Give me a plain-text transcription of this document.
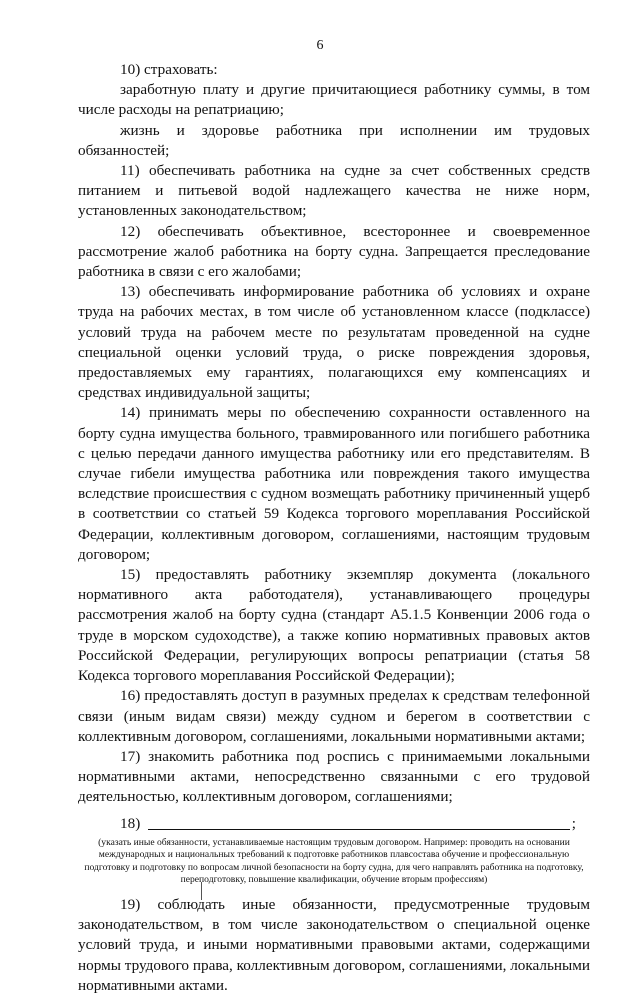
6

10) страховать:

заработную плату и другие причитающиеся работнику суммы, в том числе расходы на репатриацию;

жизнь и здоровье работника при исполнении им трудовых обязанностей;

11) обеспечивать работника на судне за счет собственных средств питанием и питьевой водой надлежащего качества не ниже норм, установленных законодательством;

12) обеспечивать объективное, всестороннее и своевременное рассмотрение жалоб работника на борту судна. Запрещается преследование работника в связи с его жалобами;

13) обеспечивать информирование работника об условиях и охране труда на рабочих местах, в том числе об установленном классе (подклассе) условий труда на рабочем месте по результатам проведенной на судне специальной оценки условий труда, о риске повреждения здоровья, предоставляемых ему гарантиях, полагающихся ему компенсациях и средствах индивидуальной защиты;

14) принимать меры по обеспечению сохранности оставленного на борту судна имущества больного, травмированного или погибшего работника с целью передачи данного имущества работнику или его представителям. В случае гибели имущества работника или повреждения такого имущества вследствие происшествия с судном возмещать работнику причиненный ущерб в соответствии со статьей 59 Кодекса торгового мореплавания Российской Федерации, коллективным договором, соглашениями, настоящим трудовым договором;

15) предоставлять работнику экземпляр документа (локального нормативного акта работодателя), устанавливающего процедуры рассмотрения жалоб на борту судна (стандарт А5.1.5 Конвенции 2006 года о труде в морском судоходстве), а также копию нормативных правовых актов Российской Федерации, регулирующих вопросы репатриации (статья 58 Кодекса торгового мореплавания Российской Федерации);

16) предоставлять доступ в разумных пределах к средствам телефонной связи (иным видам связи) между судном и берегом в соответствии с коллективным договором, соглашениями, локальными нормативными актами;

17) знакомить работника под роспись с принимаемыми локальными нормативными актами, непосредственно связанными с его трудовой деятельностью, коллективным договором, соглашениями;

18)	;
(указать иные обязанности, устанавливаемые настоящим трудовым договором. Например: проводить на основании международных и национальных требований к подготовке работников плавсостава обучение и профессиональную подготовку и подготовку по вопросам личной безопасности на борту судна, для чего направлять работника на подготовку, переподготовку, повышение квалификации, обучение вторым профессиям)

19) соблюдать иные обязанности, предусмотренные трудовым законодательством, в том числе законодательством о специальной оценке условий труда, и иными нормативными правовыми актами, содержащими нормы трудового права, коллективным договором, соглашениями, локальными нормативными актами.
